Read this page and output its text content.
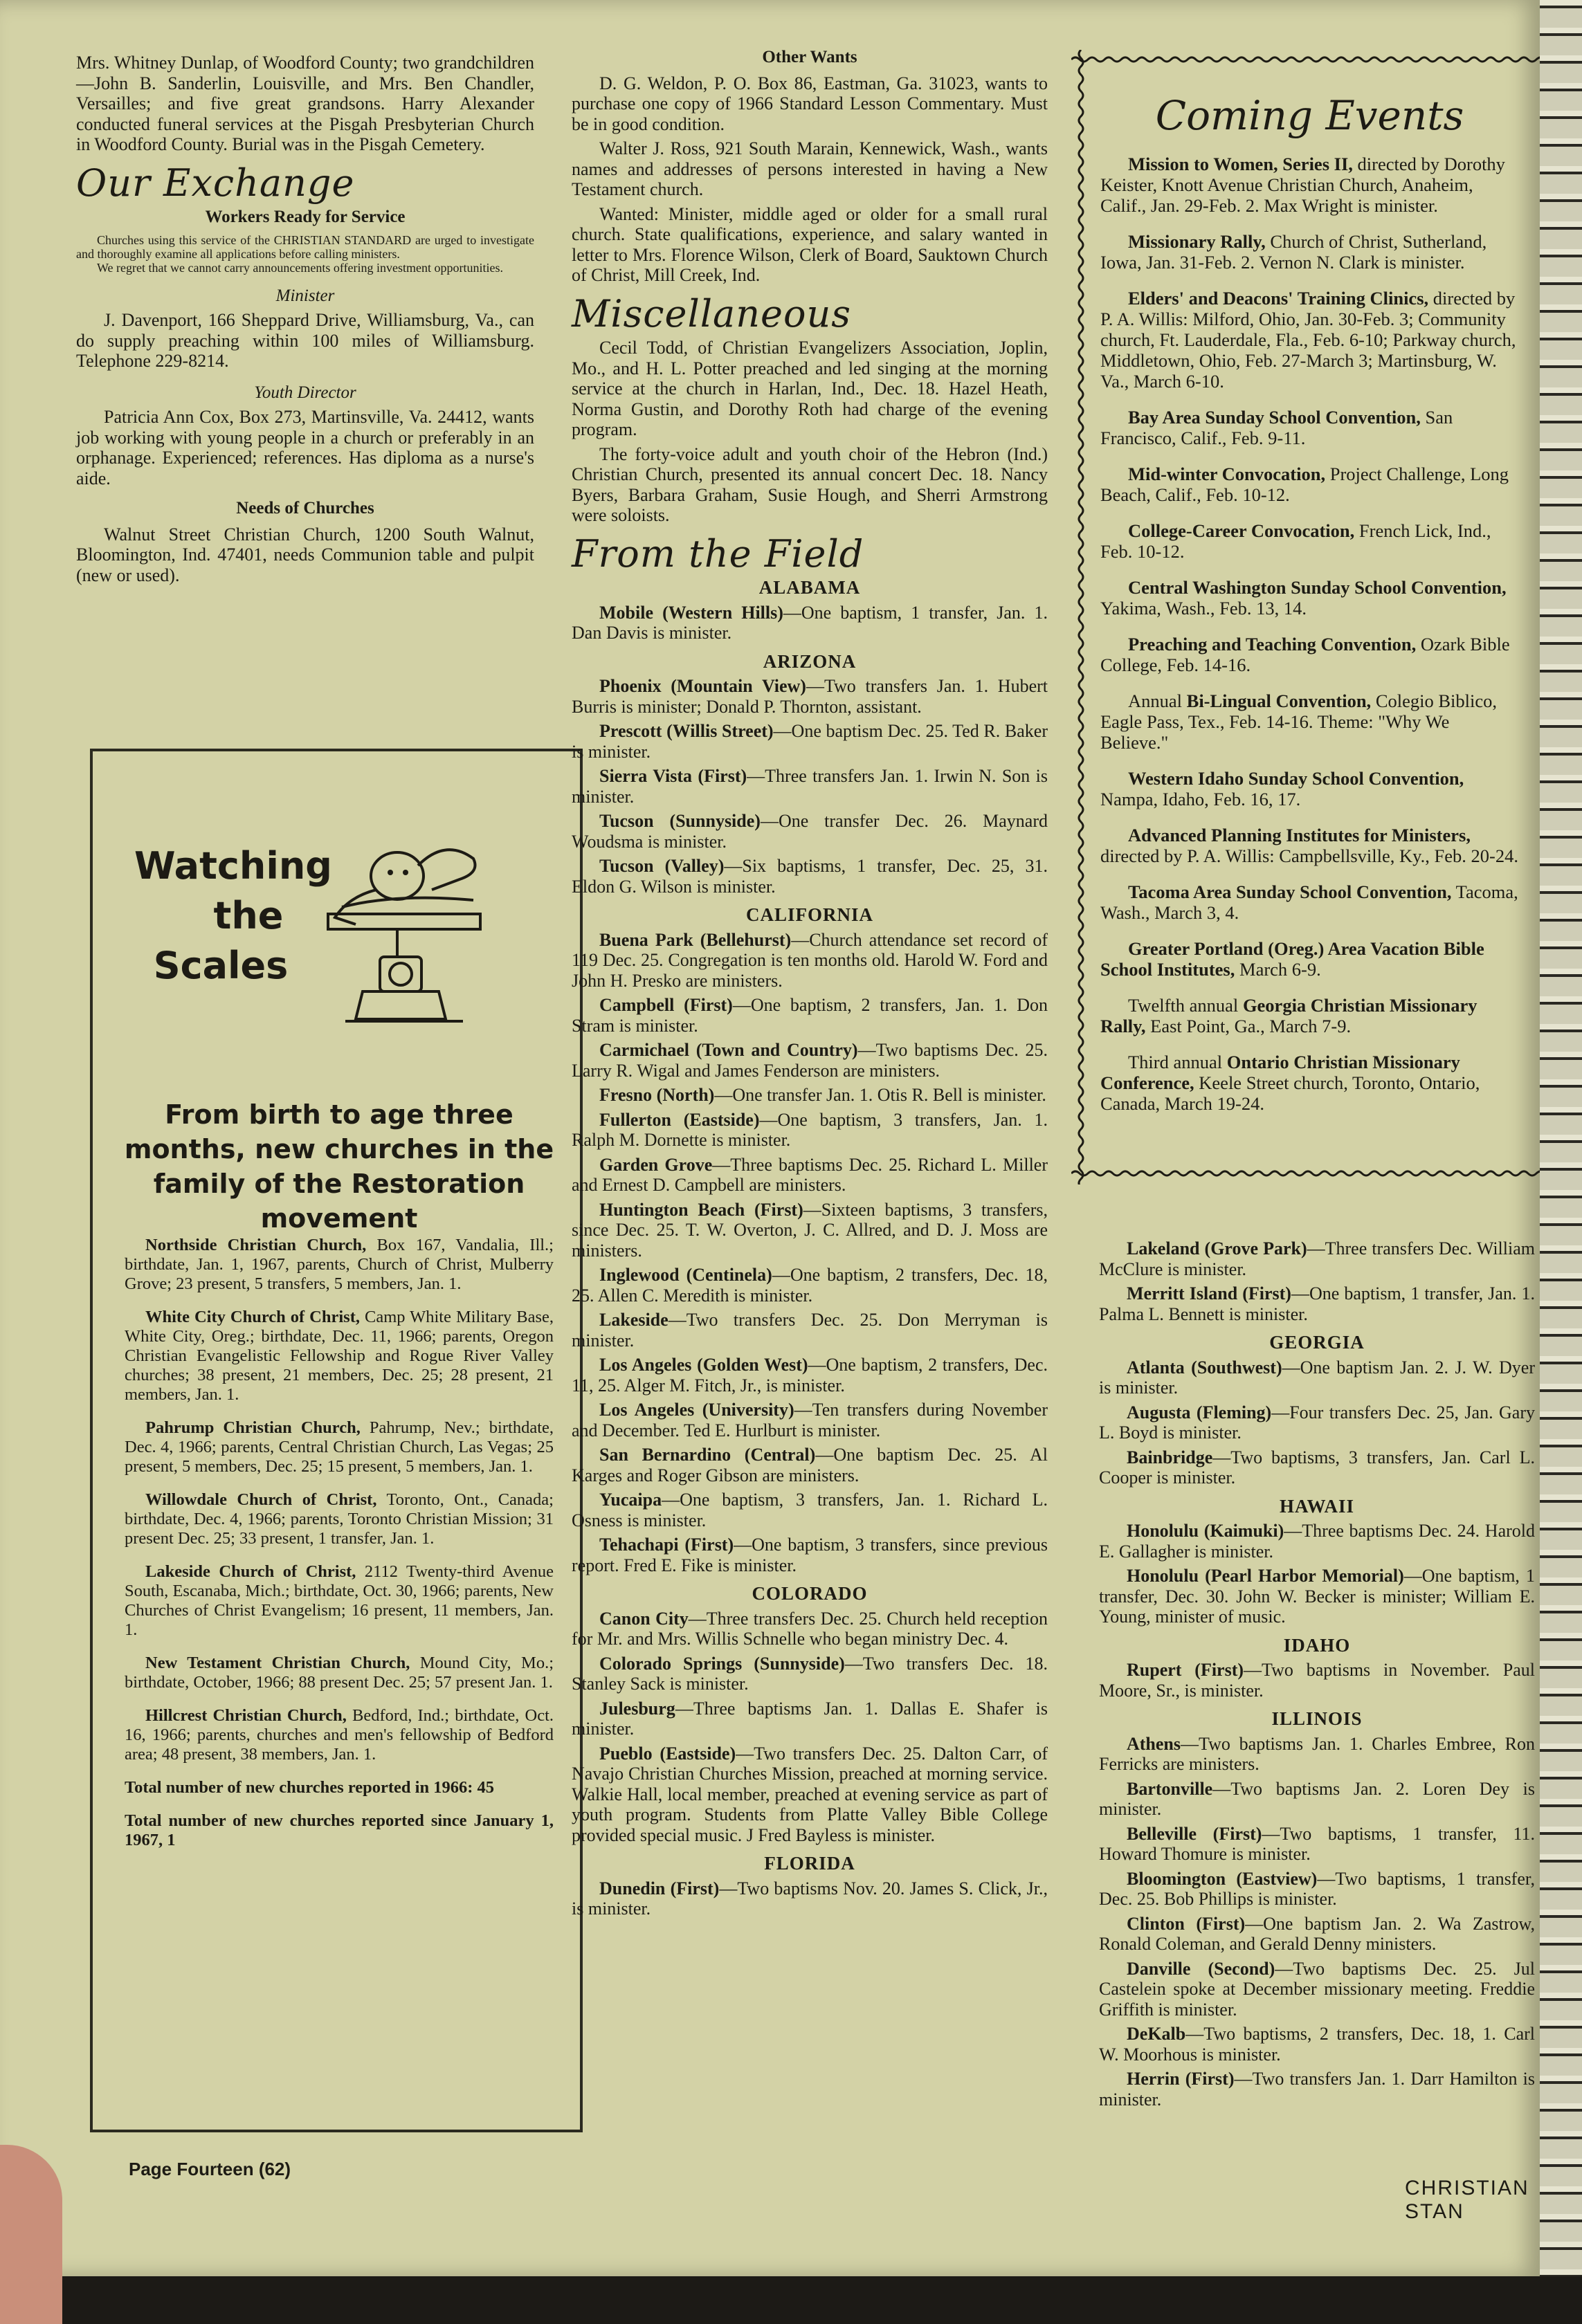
Mrs. Whitney Dunlap, of Woodford County; two grandchildren—John B. Sanderlin, Louisville, and Mrs. Ben Chandler, Versailles; and five great grandsons. Harry Alexander conducted funeral services at the Pisgah Presbyterian Church in Woodford County. Burial was in the Pisgah Cemetery.

Our Exchange
Workers Ready for Service
Churches using this service of the CHRISTIAN STANDARD are urged to investigate and thoroughly examine all applications before calling ministers.
We regret that we cannot carry announcements offering investment opportunities.
Minister

J. Davenport, 166 Sheppard Drive, Williamsburg, Va., can do supply preaching within 100 miles of Williamsburg. Telephone 229-8214.

Youth Director

Patricia Ann Cox, Box 273, Martinsville, Va. 24412, wants job working with young people in a church or preferably in an orphanage. Experienced; references. Has diploma as a nurse's aide.

Needs of Churches

Walnut Street Christian Church, 1200 South Walnut, Bloomington, Ind. 47401, needs Communion table and pulpit (new or used).

Watching
the
Scales
From birth to age three months, new churches in the family of the Restoration movement

Northside Christian Church, Box 167, Vandalia, Ill.; birthdate, Jan. 1, 1967, parents, Church of Christ, Mulberry Grove; 23 present, 5 transfers, 5 members, Jan. 1.

White City Church of Christ, Camp White Military Base, White City, Oreg.; birthdate, Dec. 11, 1966; parents, Oregon Christian Evangelistic Fellowship and Rogue River Valley churches; 38 present, 21 members, Dec. 25; 28 present, 21 members, Jan. 1.

Pahrump Christian Church, Pahrump, Nev.; birthdate, Dec. 4, 1966; parents, Central Christian Church, Las Vegas; 25 present, 5 members, Dec. 25; 15 present, 5 members, Jan. 1.

Willowdale Church of Christ, Toronto, Ont., Canada; birthdate, Dec. 4, 1966; parents, Toronto Christian Mission; 31 present Dec. 25; 33 present, 1 transfer, Jan. 1.

Lakeside Church of Christ, 2112 Twenty-third Avenue South, Escanaba, Mich.; birthdate, Oct. 30, 1966; parents, New Churches of Christ Evangelism; 16 present, 11 members, Jan. 1.

New Testament Christian Church, Mound City, Mo.; birthdate, October, 1966; 88 present Dec. 25; 57 present Jan. 1.

Hillcrest Christian Church, Bedford, Ind.; birthdate, Oct. 16, 1966; parents, churches and men's fellowship of Bedford area; 48 present, 38 members, Jan. 1.

Total number of new churches reported in 1966: 45

Total number of new churches reported since January 1, 1967, 1

Other Wants

D. G. Weldon, P. O. Box 86, Eastman, Ga. 31023, wants to purchase one copy of 1966 Standard Lesson Commentary. Must be in good condition.

Walter J. Ross, 921 South Marain, Kennewick, Wash., wants names and addresses of persons interested in having a New Testament church.

Wanted: Minister, middle aged or older for a small rural church. State qualifications, experience, and salary wanted in letter to Mrs. Florence Wilson, Clerk of Board, Sauktown Church of Christ, Mill Creek, Ind.

Miscellaneous

Cecil Todd, of Christian Evangelizers Association, Joplin, Mo., and H. L. Potter preached and led singing at the morning service at the church in Harlan, Ind., Dec. 18. Hazel Heath, Norma Gustin, and Dorothy Roth had charge of the evening program.

The forty-voice adult and youth choir of the Hebron (Ind.) Christian Church, presented its annual concert Dec. 18. Nancy Byers, Barbara Graham, Susie Hough, and Sherri Armstrong were soloists.

From the Field
ALABAMA

Mobile (Western Hills)—One baptism, 1 transfer, Jan. 1. Dan Davis is minister.

ARIZONA

Phoenix (Mountain View)—Two transfers Jan. 1. Hubert Burris is minister; Donald P. Thornton, assistant.

Prescott (Willis Street)—One baptism Dec. 25. Ted R. Baker is minister.

Sierra Vista (First)—Three transfers Jan. 1. Irwin N. Son is minister.

Tucson (Sunnyside)—One transfer Dec. 26. Maynard Woudsma is minister.

Tucson (Valley)—Six baptisms, 1 transfer, Dec. 25, 31. Eldon G. Wilson is minister.

CALIFORNIA

Buena Park (Bellehurst)—Church attendance set record of 119 Dec. 25. Congregation is ten months old. Harold W. Ford and John H. Presko are ministers.

Campbell (First)—One baptism, 2 transfers, Jan. 1. Don Stram is minister.

Carmichael (Town and Country)—Two baptisms Dec. 25. Larry R. Wigal and James Fenderson are ministers.

Fresno (North)—One transfer Jan. 1. Otis R. Bell is minister.

Fullerton (Eastside)—One baptism, 3 transfers, Jan. 1. Ralph M. Dornette is minister.

Garden Grove—Three baptisms Dec. 25. Richard L. Miller and Ernest D. Campbell are ministers.

Huntington Beach (First)—Sixteen baptisms, 3 transfers, since Dec. 25. T. W. Overton, J. C. Allred, and D. J. Moss are ministers.

Inglewood (Centinela)—One baptism, 2 transfers, Dec. 18, 25. Allen C. Meredith is minister.

Lakeside—Two transfers Dec. 25. Don Merryman is minister.

Los Angeles (Golden West)—One baptism, 2 transfers, Dec. 11, 25. Alger M. Fitch, Jr., is minister.

Los Angeles (University)—Ten transfers during November and December. Ted E. Hurlburt is minister.

San Bernardino (Central)—One baptism Dec. 25. Al Karges and Roger Gibson are ministers.

Yucaipa—One baptism, 3 transfers, Jan. 1. Richard L. Osness is minister.

Tehachapi (First)—One baptism, 3 transfers, since previous report. Fred E. Fike is minister.

COLORADO

Canon City—Three transfers Dec. 25. Church held reception for Mr. and Mrs. Willis Schnelle who began ministry Dec. 4.

Colorado Springs (Sunnyside)—Two transfers Dec. 18. Stanley Sack is minister.

Julesburg—Three baptisms Jan. 1. Dallas E. Shafer is minister.

Pueblo (Eastside)—Two transfers Dec. 25. Dalton Carr, of Navajo Christian Churches Mission, preached at morning service. Walkie Hall, local member, preached at evening service as part of youth program. Students from Platte Valley Bible College provided special music. J Fred Bayless is minister.

FLORIDA

Dunedin (First)—Two baptisms Nov. 20. James S. Click, Jr., is minister.

Coming Events

Mission to Women, Series II, directed by Dorothy Keister, Knott Avenue Christian Church, Anaheim, Calif., Jan. 29-Feb. 2. Max Wright is minister.

Missionary Rally, Church of Christ, Sutherland, Iowa, Jan. 31-Feb. 2. Vernon N. Clark is minister.

Elders' and Deacons' Training Clinics, directed by P. A. Willis: Milford, Ohio, Jan. 30-Feb. 3; Community church, Ft. Lauderdale, Fla., Feb. 6-10; Parkway church, Middletown, Ohio, Feb. 27-March 3; Martinsburg, W. Va., March 6-10.

Bay Area Sunday School Convention, San Francisco, Calif., Feb. 9-11.

Mid-winter Convocation, Project Challenge, Long Beach, Calif., Feb. 10-12.

College-Career Convocation, French Lick, Ind., Feb. 10-12.

Central Washington Sunday School Convention, Yakima, Wash., Feb. 13, 14.

Preaching and Teaching Convention, Ozark Bible College, Feb. 14-16.

Annual Bi-Lingual Convention, Colegio Biblico, Eagle Pass, Tex., Feb. 14-16. Theme: "Why We Believe."

Western Idaho Sunday School Convention, Nampa, Idaho, Feb. 16, 17.

Advanced Planning Institutes for Ministers, directed by P. A. Willis: Campbellsville, Ky., Feb. 20-24.

Tacoma Area Sunday School Convention, Tacoma, Wash., March 3, 4.

Greater Portland (Oreg.) Area Vacation Bible School Institutes, March 6-9.

Twelfth annual Georgia Christian Missionary Rally, East Point, Ga., March 7-9.

Third annual Ontario Christian Missionary Conference, Keele Street church, Toronto, Ontario, Canada, March 19-24.

Lakeland (Grove Park)—Three transfers Dec. William McClure is minister.

Merritt Island (First)—One baptism, 1 transfer, Jan. 1. Palma L. Bennett is minister.

GEORGIA

Atlanta (Southwest)—One baptism Jan. 2. J. W. Dyer is minister.

Augusta (Fleming)—Four transfers Dec. 25, Jan. Gary L. Boyd is minister.

Bainbridge—Two baptisms, 3 transfers, Jan. Carl L. Cooper is minister.

HAWAII

Honolulu (Kaimuki)—Three baptisms Dec. 24. Harold E. Gallagher is minister.

Honolulu (Pearl Harbor Memorial)—One baptism, 1 transfer, Dec. 30. John W. Becker is minister; William E. Young, minister of music.

IDAHO

Rupert (First)—Two baptisms in November. Paul Moore, Sr., is minister.

ILLINOIS

Athens—Two baptisms Jan. 1. Charles Embree, Ron Ferricks are ministers.

Bartonville—Two baptisms Jan. 2. Loren Dey is minister.

Belleville (First)—Two baptisms, 1 transfer, 11. Howard Thomure is minister.

Bloomington (Eastview)—Two baptisms, 1 transfer, Dec. 25. Bob Phillips is minister.

Clinton (First)—One baptism Jan. 2. Wa Zastrow, Ronald Coleman, and Gerald Denny ministers.

Danville (Second)—Two baptisms Dec. 25. Jul Castelein spoke at December missionary meeting. Freddie Griffith is minister.

DeKalb—Two baptisms, 2 transfers, Dec. 18, 1. Carl W. Moorhous is minister.

Herrin (First)—Two transfers Jan. 1. Darr Hamilton is minister.

Page Fourteen (62)
CHRISTIAN STAN
